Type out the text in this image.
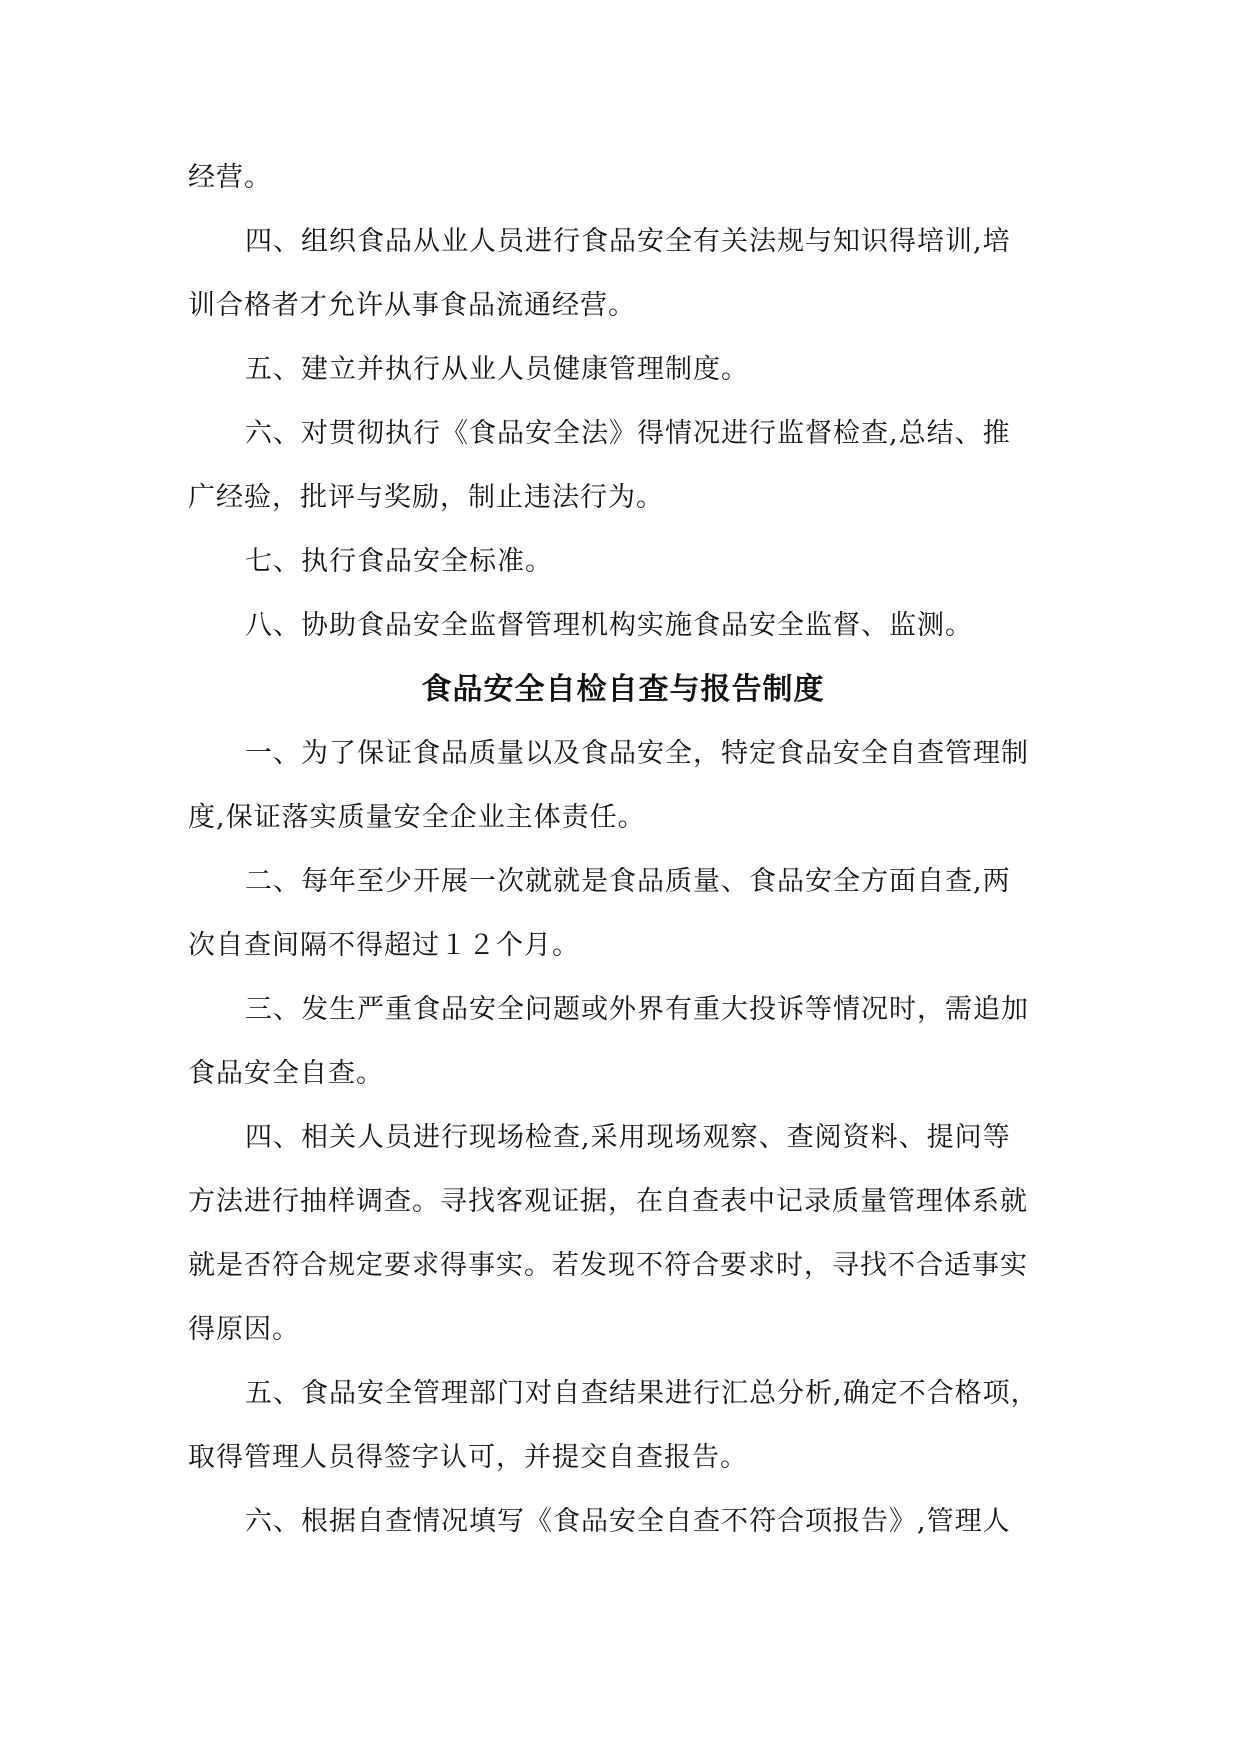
经营。
四、组织食品从业人员进行食品安全有关法规与知识得培训,培
训合格者才允许从事食品流通经营。
五、建立并执行从业人员健康管理制度。
六、对贯彻执行《食品安全法》得情况进行监督检查,总结、推
广经验，批评与奖励，制止违法行为。
七、执行食品安全标准。
八、协助食品安全监督管理机构实施食品安全监督、监测。
食品安全自检自查与报告制度
一、为了保证食品质量以及食品安全，特定食品安全自查管理制
度,保证落实质量安全企业主体责任。
二、每年至少开展一次就就是食品质量、食品安全方面自查,两
次自查间隔不得超过１２个月。
三、发生严重食品安全问题或外界有重大投诉等情况时，需追加
食品安全自查。
四、相关人员进行现场检查,采用现场观察、查阅资料、提问等
方法进行抽样调查。寻找客观证据，在自查表中记录质量管理体系就
就是否符合规定要求得事实。若发现不符合要求时，寻找不合适事实
得原因。
五、食品安全管理部门对自查结果进行汇总分析,确定不合格项，
取得管理人员得签字认可，并提交自查报告。
六、根据自查情况填写《食品安全自查不符合项报告》,管理人
